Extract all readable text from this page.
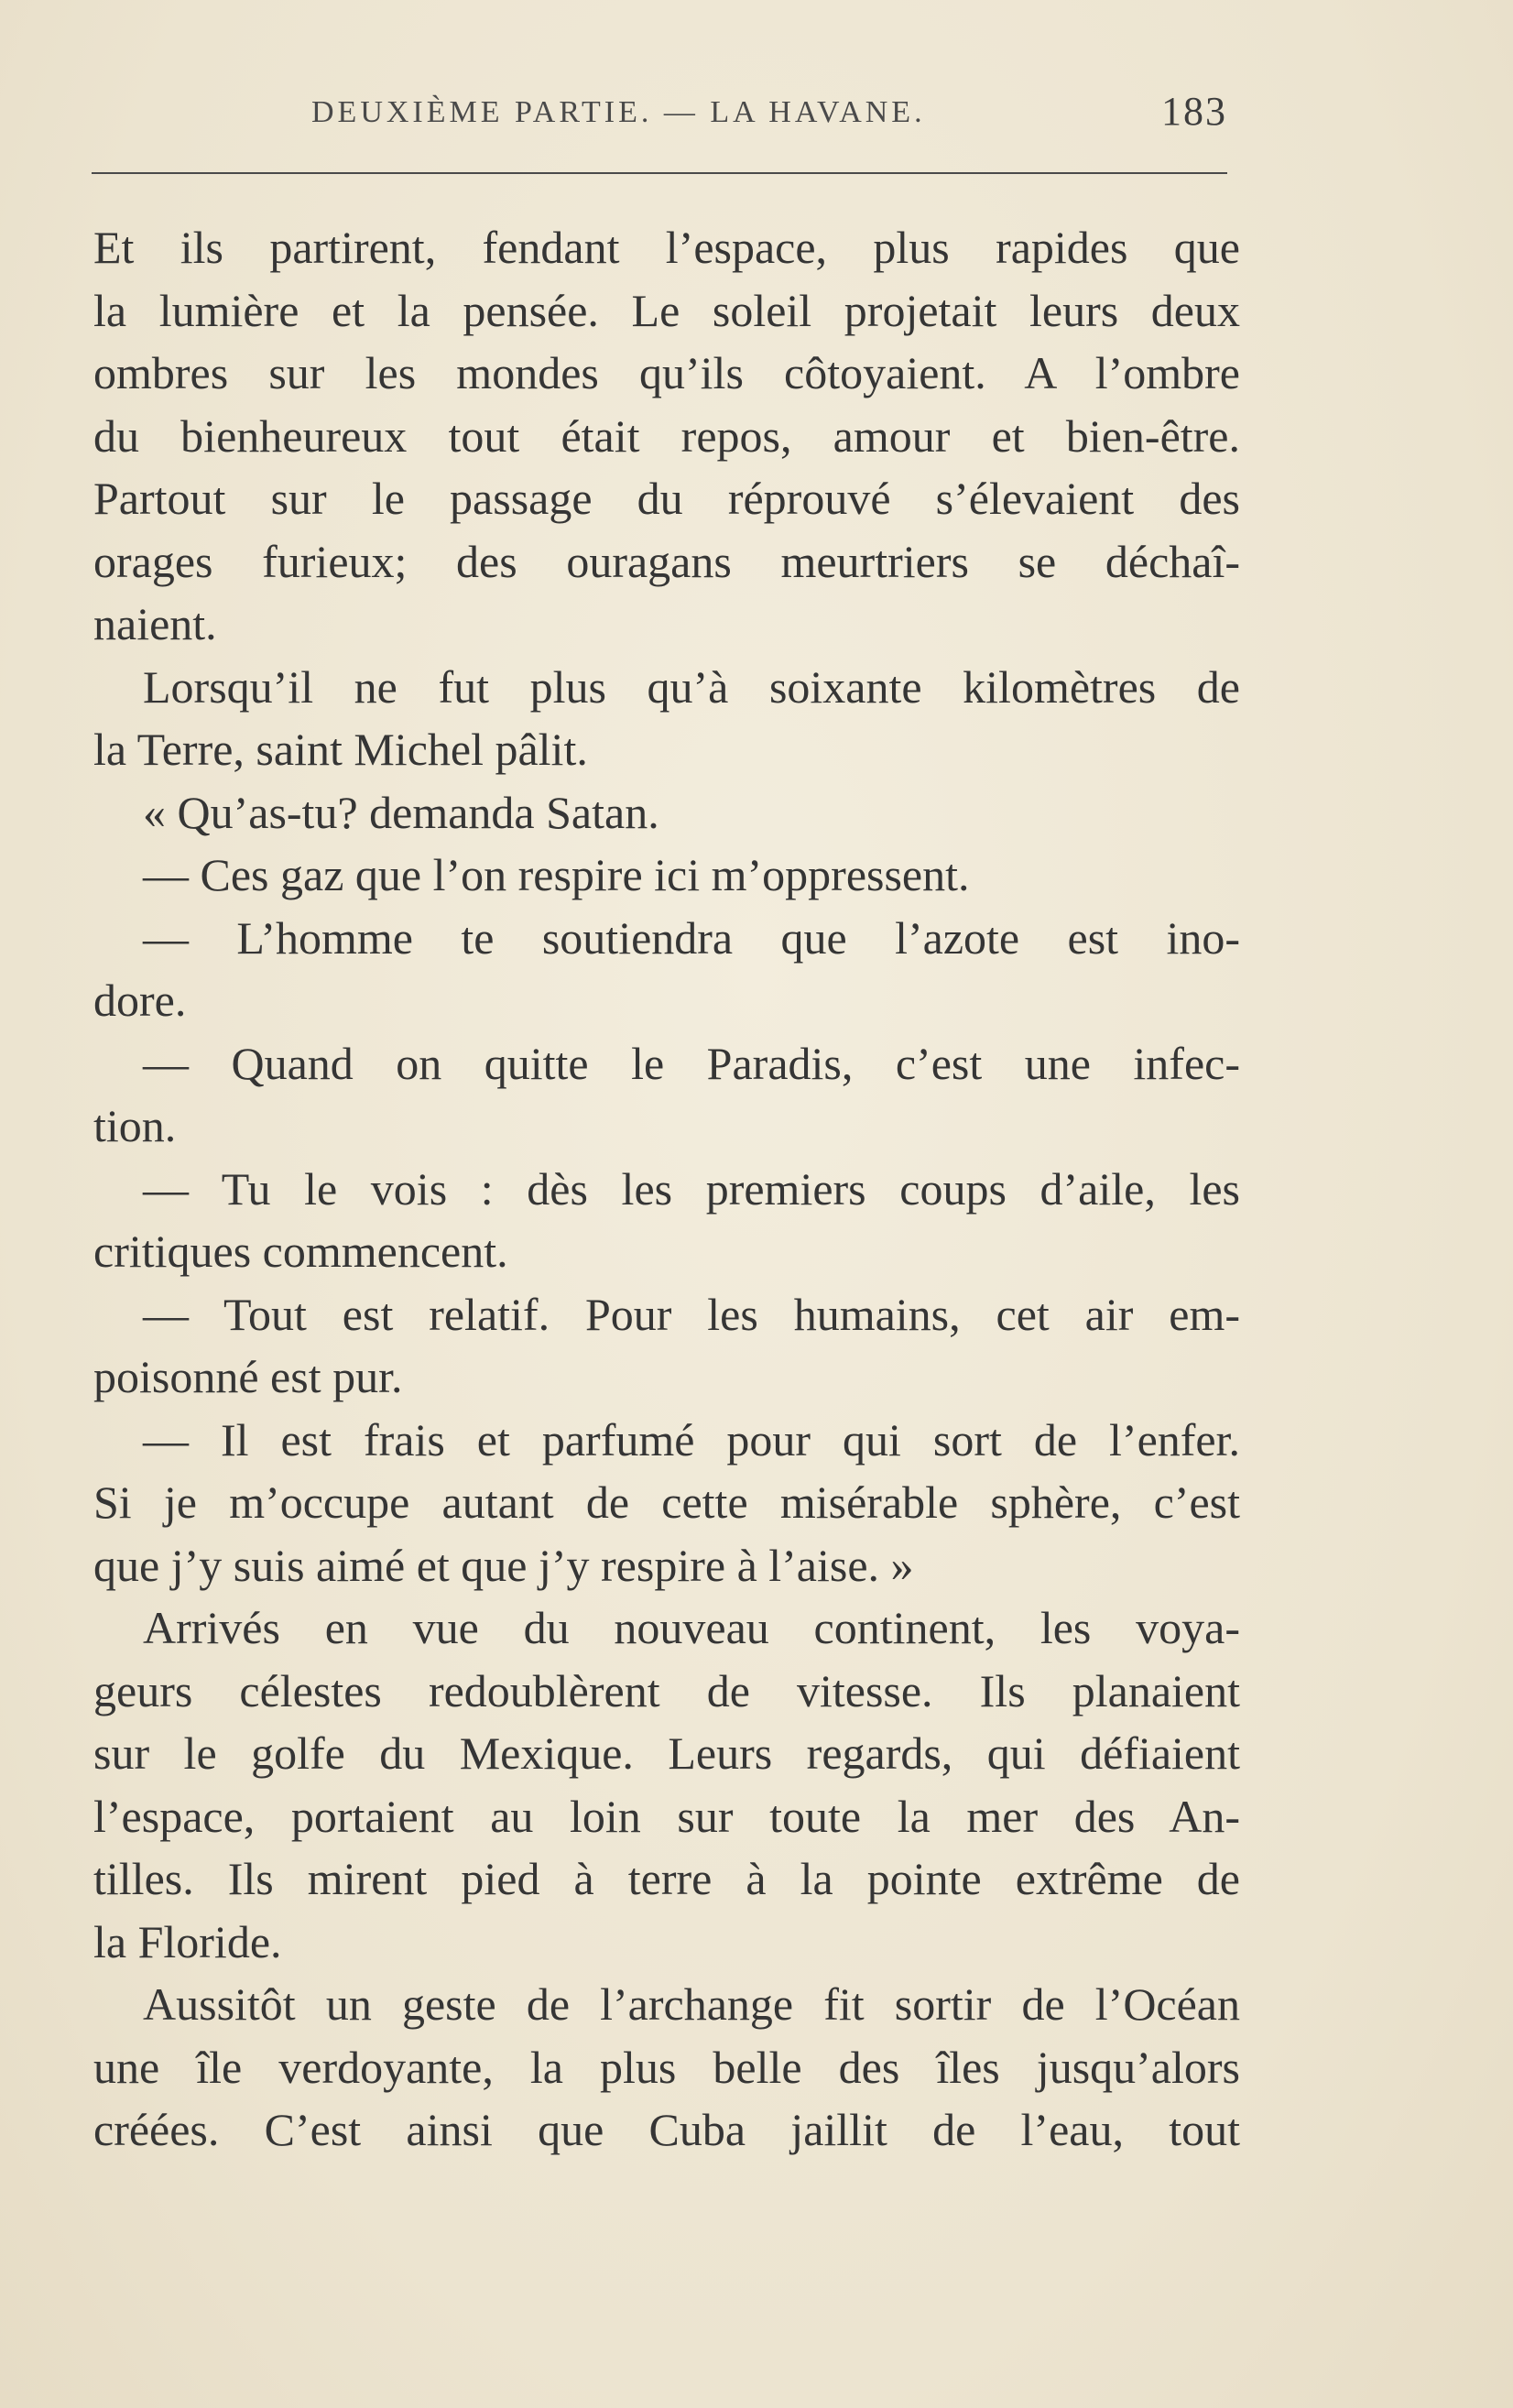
DEUXIÈME PARTIE. — LA HAVANE.	183
Et ils partirent, fendant l’espace, plus rapides que
la lumière et la pensée. Le soleil projetait leurs deux
ombres sur les mondes qu’ils côtoyaient. A l’ombre
du bienheureux tout était repos, amour et bien-être.
Partout sur le passage du réprouvé s’élevaient des
orages furieux; des ouragans meurtriers se déchaî-
naient.
Lorsqu’il ne fut plus qu’à soixante kilomètres de
la Terre, saint Michel pâlit.
« Qu’as-tu? demanda Satan.
— Ces gaz que l’on respire ici m’oppressent.
— L’homme te soutiendra que l’azote est ino-
dore.
— Quand on quitte le Paradis, c’est une infec-
tion.
— Tu le vois : dès les premiers coups d’aile, les
critiques commencent.
— Tout est relatif. Pour les humains, cet air em-
poisonné est pur.
— Il est frais et parfumé pour qui sort de l’enfer.
Si je m’occupe autant de cette misérable sphère, c’est
que j’y suis aimé et que j’y respire à l’aise. »
Arrivés en vue du nouveau continent, les voya-
geurs célestes redoublèrent de vitesse. Ils planaient
sur le golfe du Mexique. Leurs regards, qui défiaient
l’espace, portaient au loin sur toute la mer des An-
tilles. Ils mirent pied à terre à la pointe extrême de
la Floride.
Aussitôt un geste de l’archange fit sortir de l’Océan
une île verdoyante, la plus belle des îles jusqu’alors
créées. C’est ainsi que Cuba jaillit de l’eau, tout
